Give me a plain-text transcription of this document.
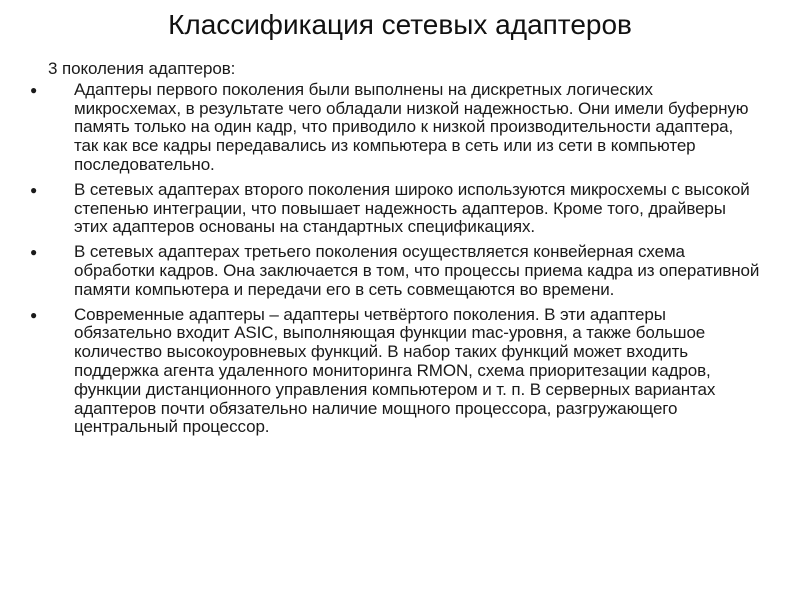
Классификация сетевых адаптеров

3 поколения адаптеров:

● Адаптеры первого поколения были выполнены на дискретных логических микросхемах, в результате чего обладали низкой надежностью. Они имели буферную память только на один кадр, что приводило к низкой производительности адаптера, так как все кадры передавались из компьютера в сеть или из сети в компьютер последовательно.
● В сетевых адаптерах второго поколения широко используются микросхемы с высокой степенью интеграции, что повышает надежность адаптеров. Кроме того, драйверы этих адаптеров основаны на стандартных спецификациях.
● В сетевых адаптерах третьего поколения осуществляется конвейерная схема обработки кадров. Она заключается в том, что процессы приема кадра из оперативной памяти компьютера и передачи его в сеть совмещаются во времени.
● Современные адаптеры – адаптеры четвёртого поколения. В эти адаптеры обязательно входит ASIC, выполняющая функции mac-уровня, а также большое количество высокоуровневых функций. В набор таких функций может входить поддержка агента удаленного мониторинга RMON, схема приоритезации кадров, функции дистанционного управления компьютером и т. п. В серверных вариантах адаптеров почти обязательно наличие мощного процессора, разгружающего центральный процессор.
